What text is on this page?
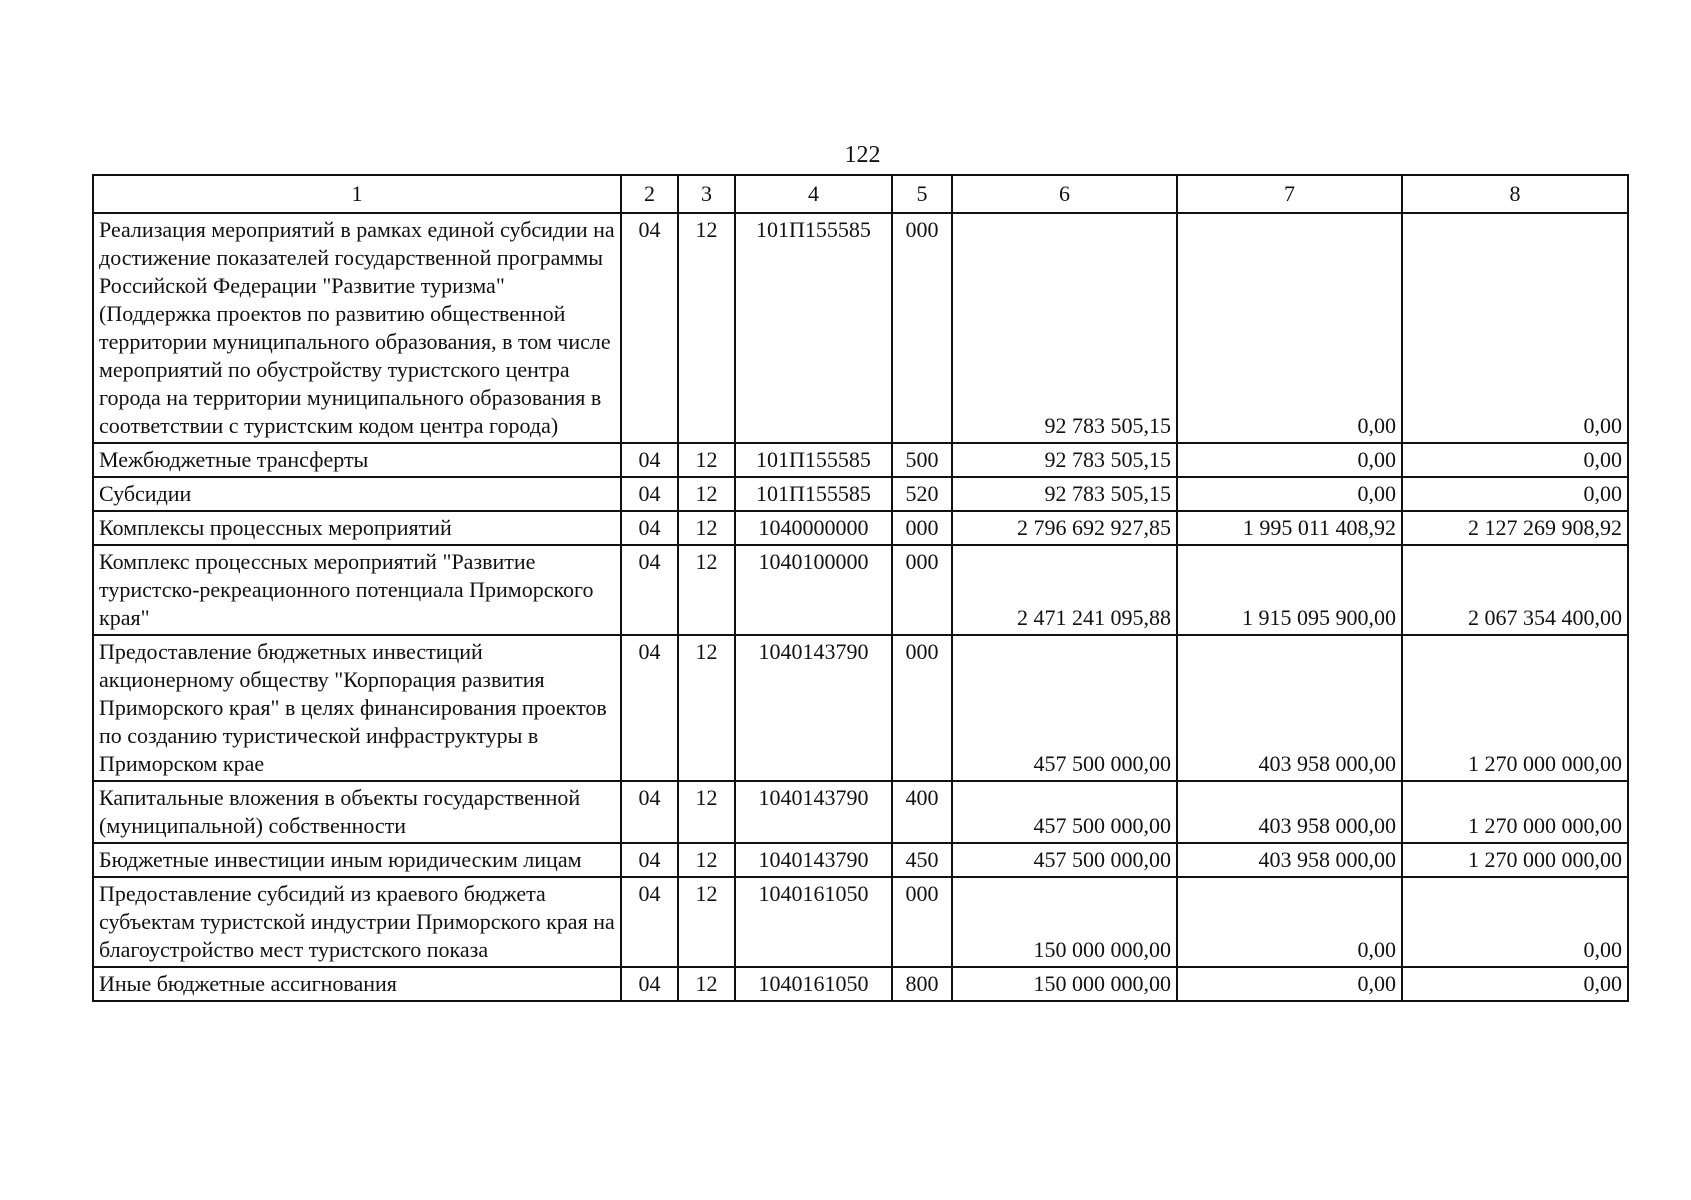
122
1	2	3	4	5	6	7	8
Реализация мероприятий в рамках единой субсидии на достижение показателей государственной программы Российской Федерации "Развитие туризма" (Поддержка проектов по развитию общественной территории муниципального образования, в том числе мероприятий по обустройству туристского центра города на территории муниципального образования в соответствии с туристским кодом центра города)	04	12	101П155585	000	92 783 505,15	0,00	0,00
Межбюджетные трансферты	04	12	101П155585	500	92 783 505,15	0,00	0,00
Субсидии	04	12	101П155585	520	92 783 505,15	0,00	0,00
Комплексы процессных мероприятий	04	12	1040000000	000	2 796 692 927,85	1 995 011 408,92	2 127 269 908,92
Комплекс процессных мероприятий "Развитие туристско-рекреационного потенциала Приморского края"	04	12	1040100000	000	2 471 241 095,88	1 915 095 900,00	2 067 354 400,00
Предоставление бюджетных инвестиций акционерному обществу "Корпорация развития Приморского края" в целях финансирования проектов по созданию туристической инфраструктуры в Приморском крае	04	12	1040143790	000	457 500 000,00	403 958 000,00	1 270 000 000,00
Капитальные вложения в объекты государственной (муниципальной) собственности	04	12	1040143790	400	457 500 000,00	403 958 000,00	1 270 000 000,00
Бюджетные инвестиции иным юридическим лицам	04	12	1040143790	450	457 500 000,00	403 958 000,00	1 270 000 000,00
Предоставление субсидий из краевого бюджета субъектам туристской индустрии Приморского края на благоустройство мест туристского показа	04	12	1040161050	000	150 000 000,00	0,00	0,00
Иные бюджетные ассигнования	04	12	1040161050	800	150 000 000,00	0,00	0,00
